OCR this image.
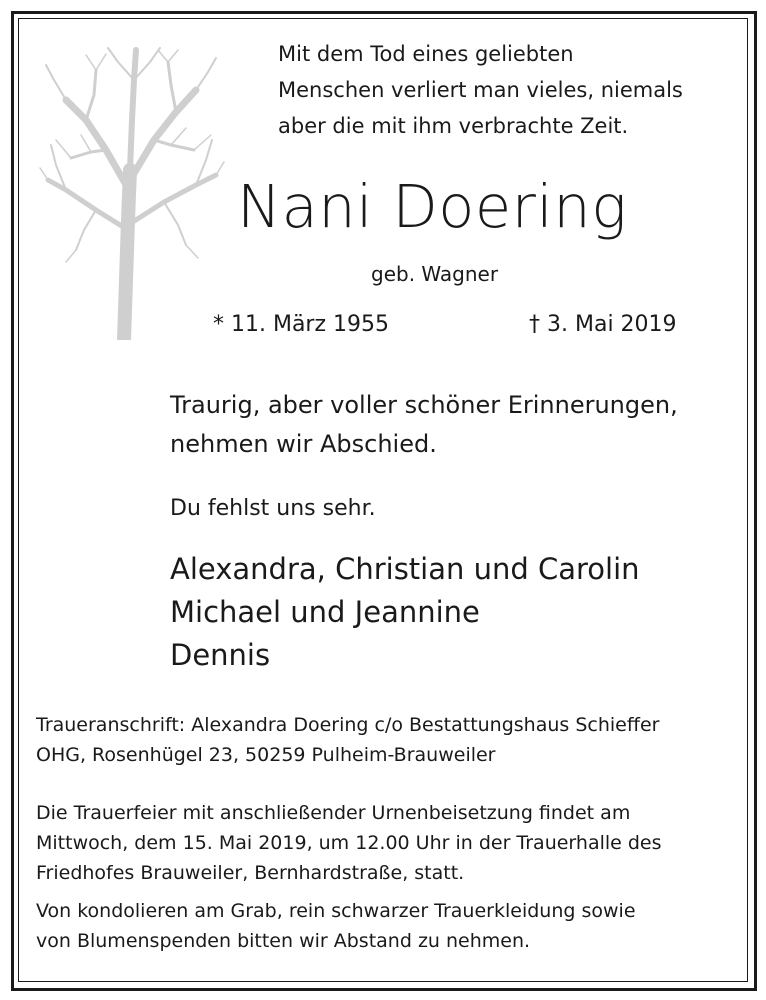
Mit dem Tod eines geliebten
Menschen verliert man vieles, niemals
aber die mit ihm verbrachte Zeit.
Nani Doering
geb. Wagner
* 11. März 1955	† 3. Mai 2019
Traurig, aber voller schöner Erinnerungen,
nehmen wir Abschied.
Du fehlst uns sehr.
Alexandra, Christian und Carolin
Michael und Jeannine
Dennis
Traueranschrift: Alexandra Doering c/o Bestattungshaus Schieffer
OHG, Rosenhügel 23, 50259 Pulheim-Brauweiler
Die Trauerfeier mit anschließender Urnenbeisetzung findet am
Mittwoch, dem 15. Mai 2019, um 12.00 Uhr in der Trauerhalle des
Friedhofes Brauweiler, Bernhardstraße, statt.
Von kondolieren am Grab, rein schwarzer Trauerkleidung sowie
von Blumenspenden bitten wir Abstand zu nehmen.
